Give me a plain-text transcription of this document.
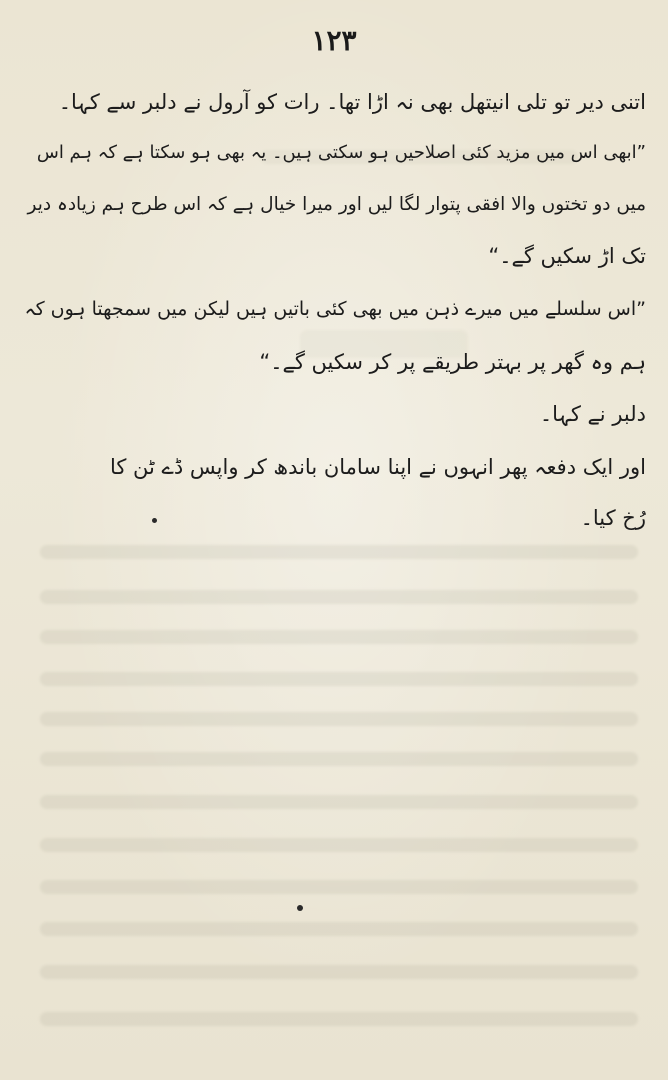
۱۲۳
اتنی دیر تو تلی انیتھل بھی نہ اڑا تھا۔ رات کو آرول نے دلبر سے کہا۔
”ابھی اس میں مزید کئی اصلاحیں ہو سکتی ہیں۔ یہ بھی ہو سکتا ہے کہ ہم اس
میں دو تختوں والا افقی پتوار لگا لیں اور میرا خیال ہے کہ اس طرح ہم زیادہ دیر
تک اڑ سکیں گے۔“
”اس سلسلے میں میرے ذہن میں بھی کئی باتیں ہیں لیکن میں سمجھتا ہوں کہ
ہم وہ گھر پر بہتر طریقے پر کر سکیں گے۔“
دلبر نے کہا۔
اور ایک دفعہ پھر انہوں نے اپنا سامان باندھ کر واپس ڈے ٹن کا
رُخ کیا۔
